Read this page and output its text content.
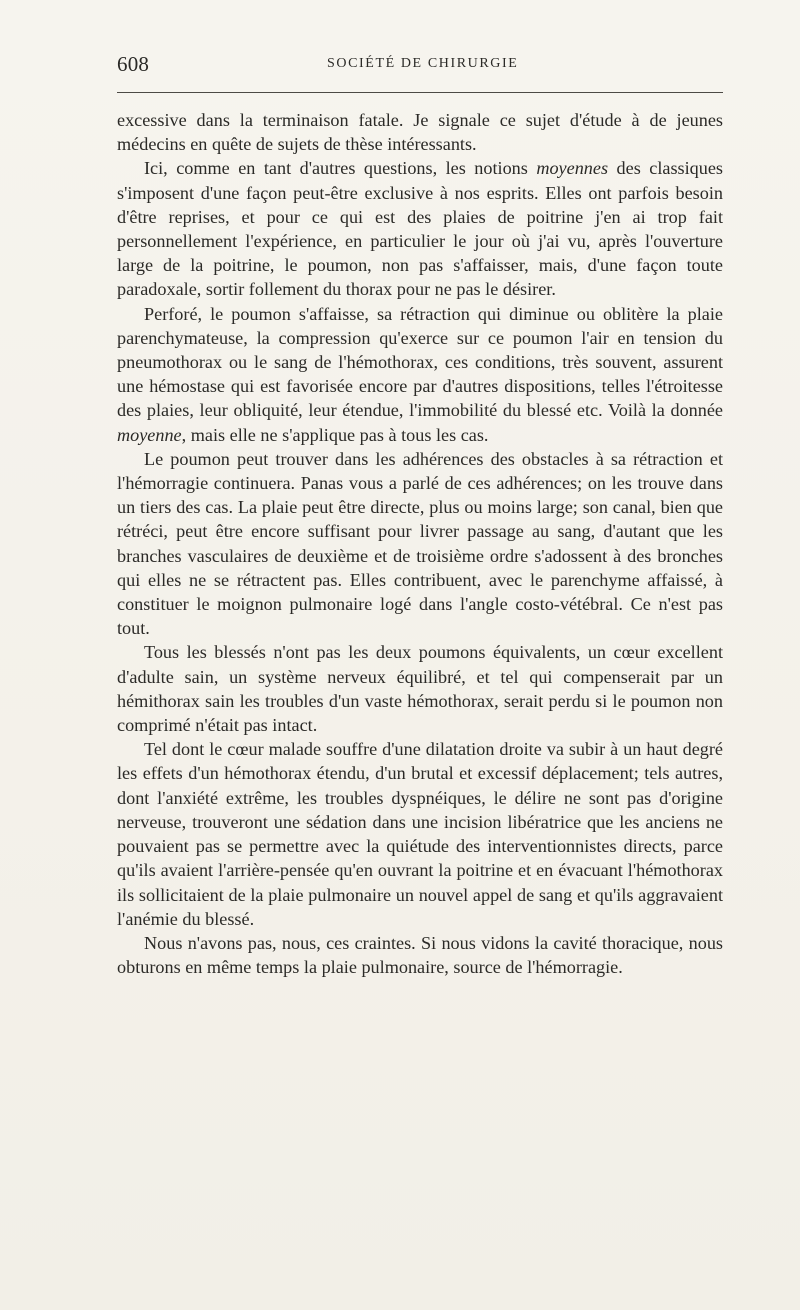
608	SOCIÉTÉ DE CHIRURGIE

excessive dans la terminaison fatale. Je signale ce sujet d'étude à de jeunes médecins en quête de sujets de thèse intéressants.

Ici, comme en tant d'autres questions, les notions moyennes des classiques s'imposent d'une façon peut-être exclusive à nos esprits. Elles ont parfois besoin d'être reprises, et pour ce qui est des plaies de poitrine j'en ai trop fait personnellement l'expérience, en particulier le jour où j'ai vu, après l'ouverture large de la poitrine, le poumon, non pas s'affaisser, mais, d'une façon toute paradoxale, sortir follement du thorax pour ne pas le désirer.

Perforé, le poumon s'affaisse, sa rétraction qui diminue ou oblitère la plaie parenchymateuse, la compression qu'exerce sur ce poumon l'air en tension du pneumothorax ou le sang de l'hémothorax, ces conditions, très souvent, assurent une hémostase qui est favorisée encore par d'autres dispositions, telles l'étroitesse des plaies, leur obliquité, leur étendue, l'immobilité du blessé etc. Voilà la donnée moyenne, mais elle ne s'applique pas à tous les cas.

Le poumon peut trouver dans les adhérences des obstacles à sa rétraction et l'hémorragie continuera. Panas vous a parlé de ces adhérences; on les trouve dans un tiers des cas. La plaie peut être directe, plus ou moins large; son canal, bien que rétréci, peut être encore suffisant pour livrer passage au sang, d'autant que les branches vasculaires de deuxième et de troisième ordre s'adossent à des bronches qui elles ne se rétractent pas. Elles contribuent, avec le parenchyme affaissé, à constituer le moignon pulmonaire logé dans l'angle costo-vétébral. Ce n'est pas tout.

Tous les blessés n'ont pas les deux poumons équivalents, un cœur excellent d'adulte sain, un système nerveux équilibré, et tel qui compenserait par un hémithorax sain les troubles d'un vaste hémothorax, serait perdu si le poumon non comprimé n'était pas intact.

Tel dont le cœur malade souffre d'une dilatation droite va subir à un haut degré les effets d'un hémothorax étendu, d'un brutal et excessif déplacement; tels autres, dont l'anxiété extrême, les troubles dyspnéiques, le délire ne sont pas d'origine nerveuse, trouveront une sédation dans une incision libératrice que les anciens ne pouvaient pas se permettre avec la quiétude des interventionnistes directs, parce qu'ils avaient l'arrière-pensée qu'en ouvrant la poitrine et en évacuant l'hémothorax ils sollicitaient de la plaie pulmonaire un nouvel appel de sang et qu'ils aggravaient l'anémie du blessé.

Nous n'avons pas, nous, ces craintes. Si nous vidons la cavité thoracique, nous obturons en même temps la plaie pulmonaire, source de l'hémorragie.
